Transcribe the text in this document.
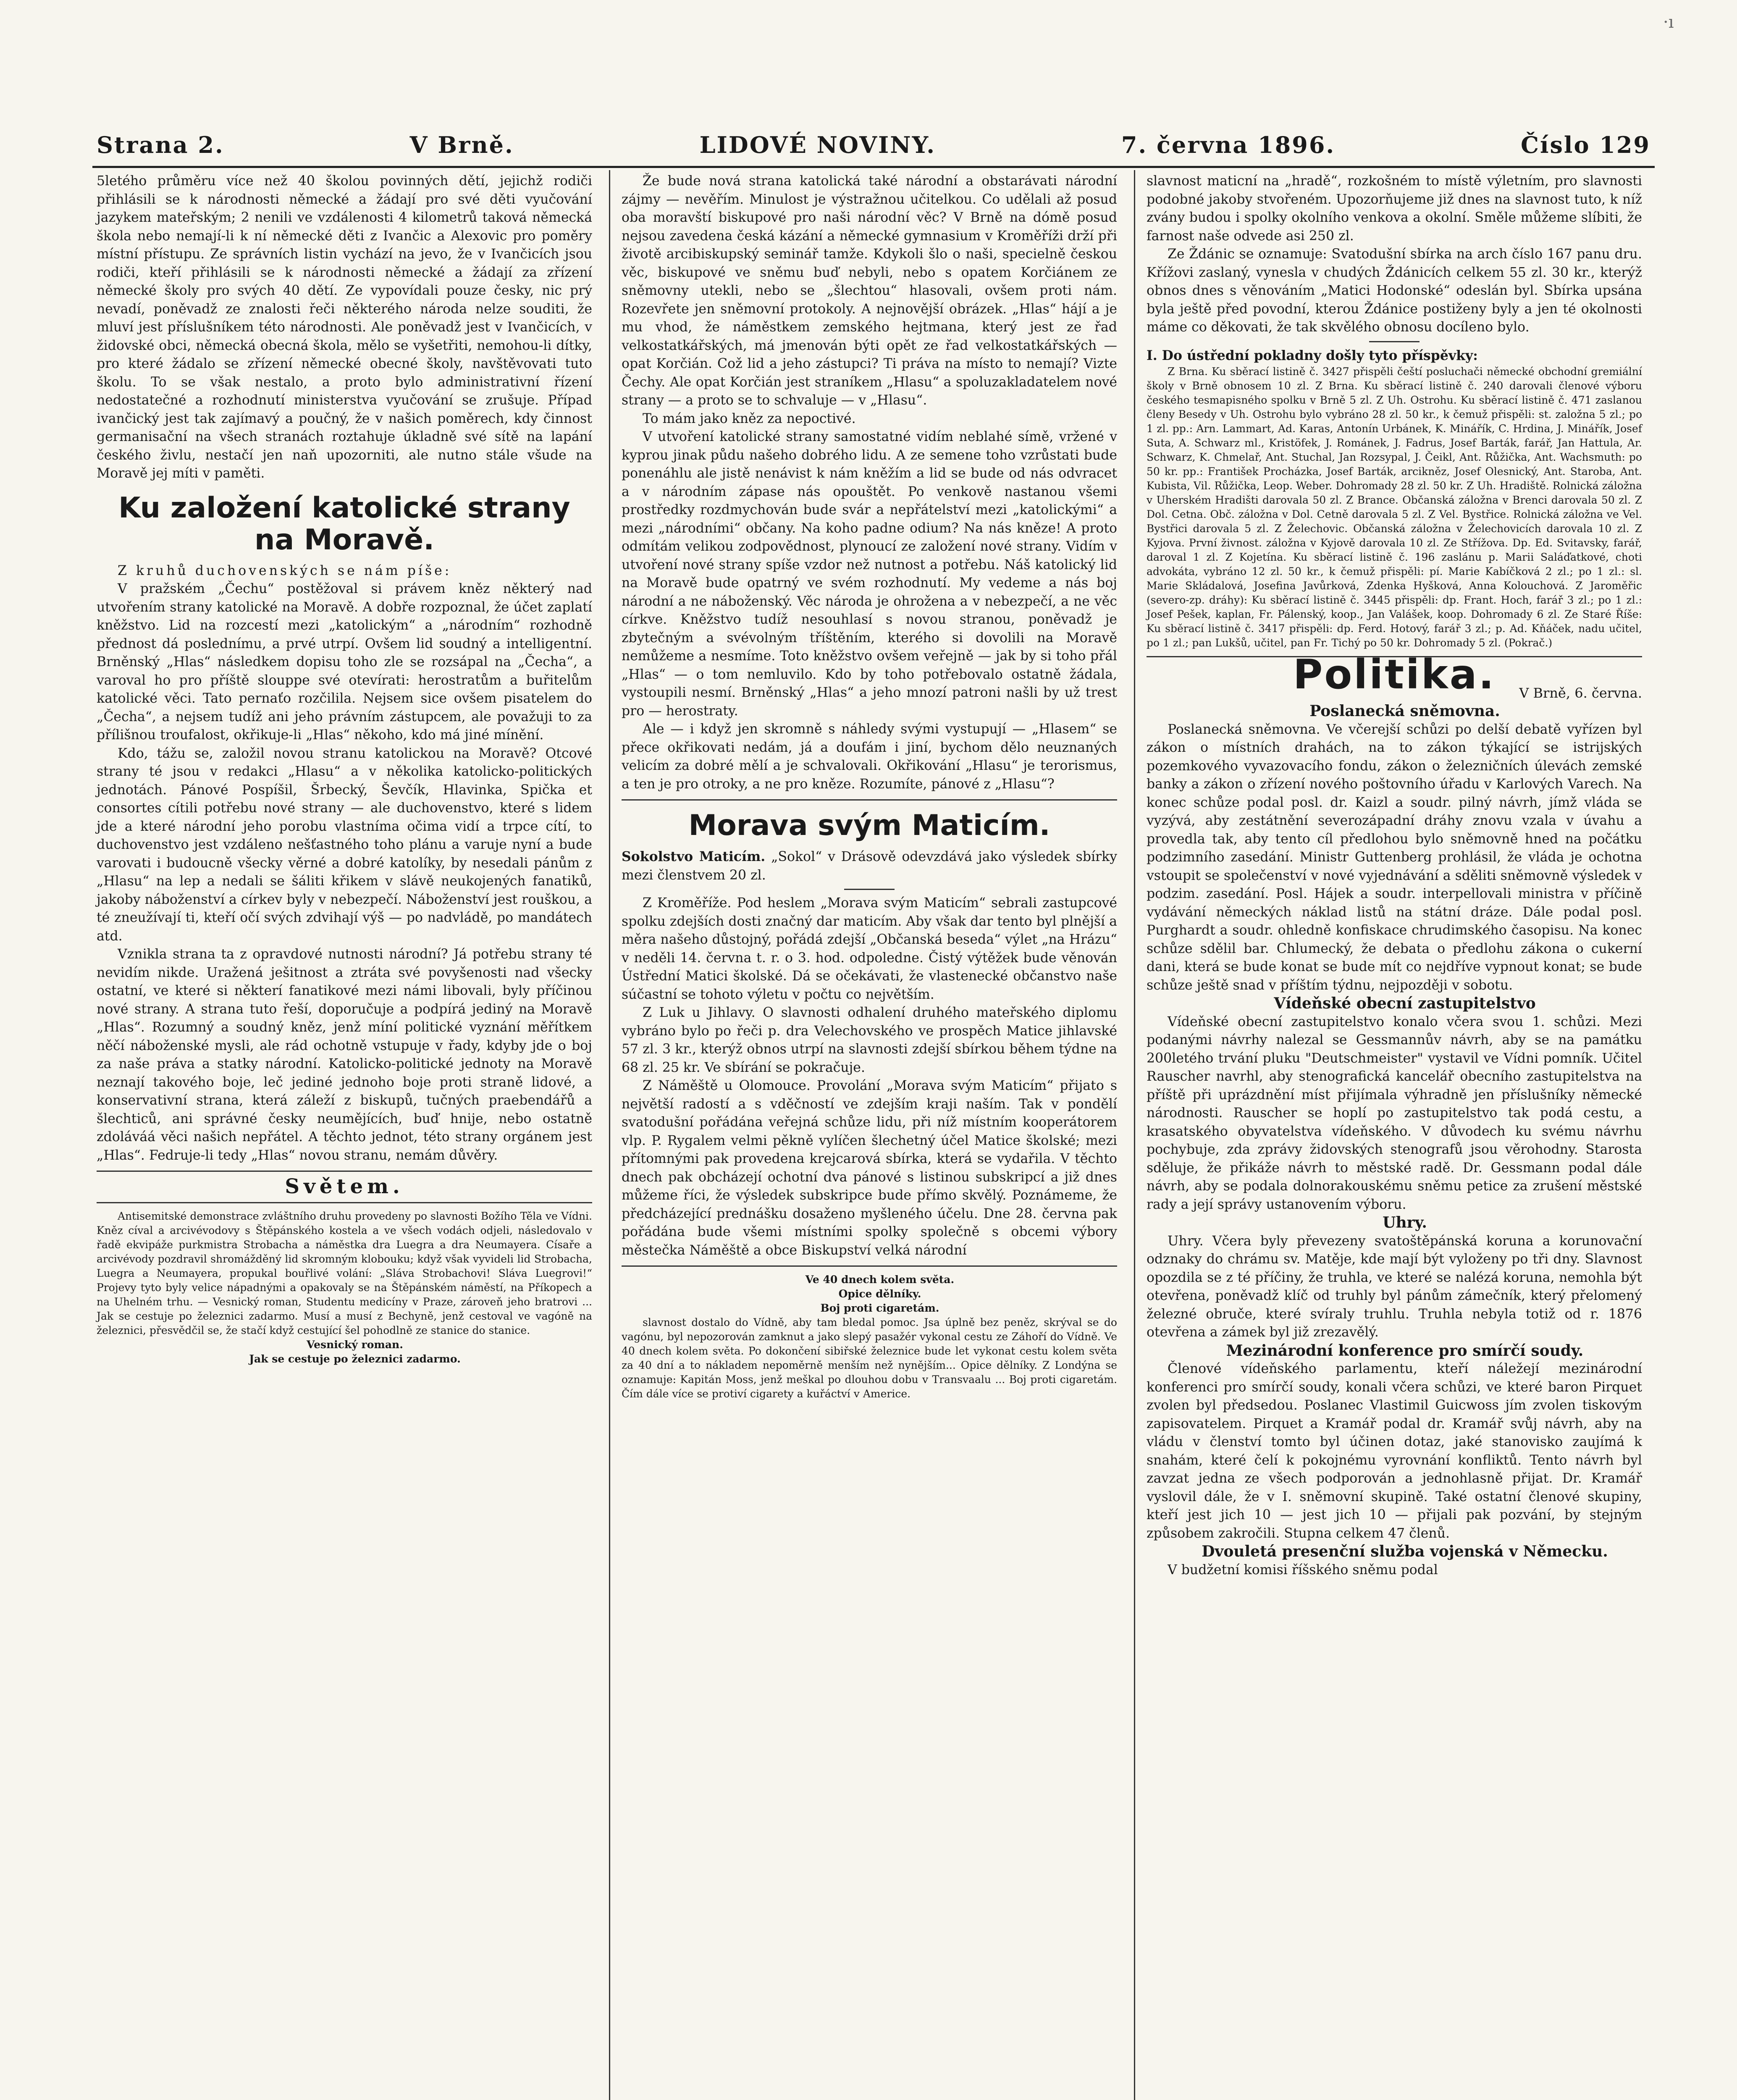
·ı
Strana 2.	V Brně.	LIDOVÉ NOVINY.	7. června 1896.	Číslo 129

5letého průměru více než 40 školou povinných dětí, jejichž rodiči přihlásili se k národnosti německé a žádají pro své děti vyučování jazykem mateřským; 2 nenili ve vzdálenosti 4 kilometrů taková německá škola nebo nemají-li k ní německé děti z Ivančic a Alexovic pro poměry místní přístupu. Ze správních listin vychází na jevo, že v Ivančicích jsou rodiči, kteří přihlásili se k národnosti německé a žádají za zřízení německé školy pro svých 40 dětí. Ze vypovídali pouze česky, nic prý nevadí, poněvadž ze znalosti řeči některého národa nelze souditi, že mluví jest příslušníkem této národnosti. Ale poněvadž jest v Ivančicích, v židovské obci, německá obecná škola, mělo se vyšetřiti, nemohou-li dítky, pro které žádalo se zřízení německé obecné školy, navštěvovati tuto školu. To se však nestalo, a proto bylo administrativní řízení nedostatečné a rozhodnutí ministerstva vyučování se zrušuje. Případ ivančický jest tak zajímavý a poučný, že v našich poměrech, kdy činnost germanisační na všech stranách roztahuje úkladně své sítě na lapání českého živlu, nestačí jen naň upozorniti, ale nutno stále všude na Moravě jej míti v paměti.

Ku založení katolické strany na Moravě.

Z kruhů duchovenských se nám píše:

V pražském „Čechu“ postěžoval si právem kněz některý nad utvořením strany katolické na Moravě. A dobře rozpoznal, že účet zaplatí kněžstvo. Lid na rozcestí mezi „katolickým“ a „národním“ rozhodně přednost dá poslednímu, a prvé utrpí. Ovšem lid soudný a intelligentní. Brněnský „Hlas“ následkem dopisu toho zle se rozsápal na „Čecha“, a varoval ho pro příště slouppe své otevírati: herostratům a buřitelům katolické věci. Tato pernaťo rozčilila. Nejsem sice ovšem pisatelem do „Čecha“, a nejsem tudíž ani jeho právním zástupcem, ale považuji to za přílišnou troufalost, okřikuje-li „Hlas“ někoho, kdo má jiné mínění.

Kdo, tážu se, založil novou stranu katolickou na Moravě? Otcové strany té jsou v redakci „Hlasu“ a v několika katolicko-politických jednotách. Pánové Pospíšil, Šrbecký, Ševčík, Hlavinka, Spička et consortes cítili potřebu nové strany — ale duchovenstvo, které s lidem jde a které národní jeho porobu vlastníma očima vidí a trpce cítí, to duchovenstvo jest vzdáleno nešťastného toho plánu a varuje nyní a bude varovati i budoucně všecky věrné a dobré katolíky, by nesedali pánům z „Hlasu“ na lep a nedali se šáliti křikem v slávě neukojených fanatiků, jakoby náboženství a církev byly v nebezpečí. Náboženství jest rouškou, a té zneužívají ti, kteří očí svých zdvihají výš — po nadvládě, po mandátech atd.

Vznikla strana ta z opravdové nutnosti národní? Já potřebu strany té nevidím nikde. Uražená ješitnost a ztráta své povyšenosti nad všecky ostatní, ve které si některí fanatikové mezi námi libovali, byly příčinou nové strany. A strana tuto řeší, doporučuje a podpírá jediný na Moravě „Hlas“. Rozumný a soudný kněz, jenž míní politické vyznání měřítkem něčí náboženské mysli, ale rád ochotně vstupuje v řady, kdyby jde o boj za naše práva a statky národní. Katolicko-politické jednoty na Moravě neznají takového boje, leč jediné jednoho boje proti straně lidové, a konservativní strana, která záleží z biskupů, tučných praebendářů a šlechticů, ani správné česky neumějících, buď hnije, nebo ostatně zdoláváá věci našich nepřátel. A těchto jednot, této strany orgánem jest „Hlas“. Fedruje-li tedy „Hlas“ novou stranu, nemám důvěry.

Světem.

Antisemitské demonstrace zvláštního druhu provedeny po slavnosti Božího Těla ve Vídni. Kněz cíval a arcivévodovy s Štěpánského kostela a ve všech vodách odjeli, následovalo v řadě ekvipáže purkmistra Strobacha a náměstka dra Luegra a dra Neumayera. Císaře a arcivévody pozdravil shromážděný lid skromným klobouku; když však vyvideli lid Strobacha, Luegra a Neumayera, propukal bouřlivé volání: „Sláva Strobachovi! Sláva Luegrovi!“ Projevy tyto byly velice nápadnými a opakovaly se na Štěpánském náměstí, na Příkopech a na Uhelném trhu. — Vesnický roman, Studentu medicíny v Praze, zároveň jeho bratrovi ... Jak se cestuje po železnici zadarmo. Musí a musí z Bechyně, jenž cestoval ve vagóně na železnici, přesvědčil se, že stačí když cestující šel pohodlně ze stanice do stanice.

Vesnický roman.

Jak se cestuje po železnici zadarmo.

Že bude nová strana katolická také národní a obstarávati národní zájmy — nevěřím. Minulost je výstražnou učitelkou. Co udělali až posud oba moravští biskupové pro naši národní věc? V Brně na dómě posud nejsou zavedena česká kázání a německé gymnasium v Kroměříži drží při životě arcibiskupský seminář tamže. Kdykoli šlo o naši, specielně českou věc, biskupové ve sněmu buď nebyli, nebo s opatem Korčiánem ze sněmovny utekli, nebo se „šlechtou“ hlasovali, ovšem proti nám. Rozevřete jen sněmovní protokoly. A nejnovější obrázek. „Hlas“ hájí a je mu vhod, že náměstkem zemského hejtmana, který jest ze řad velkostatkářských, má jmenován býti opět ze řad velkostatkářských — opat Korčián. Což lid a jeho zástupci? Ti práva na místo to nemají? Vizte Čechy. Ale opat Korčián jest straníkem „Hlasu“ a spoluzakladatelem nové strany — a proto se to schvaluje — v „Hlasu“.

To mám jako kněz za nepoctivé.

V utvoření katolické strany samostatné vidím neblahé símě, vržené v kyprou jinak půdu našeho dobrého lidu. A ze semene toho vzrůstati bude ponenáhlu ale jistě nenávist k nám kněžím a lid se bude od nás odvracet a v národním zápase nás opouštět. Po venkově nastanou všemi prostředky rozdmychován bude svár a nepřátelství mezi „katolickými“ a mezi „národními“ občany. Na koho padne odium? Na nás kněze! A proto odmítám velikou zodpovědnost, plynoucí ze založení nové strany. Vidím v utvoření nové strany spíše vzdor než nutnost a potřebu. Náš katolický lid na Moravě bude opatrný ve svém rozhodnutí. My vedeme a nás boj národní a ne náboženský. Věc národa je ohrožena a v nebezpečí, a ne věc církve. Kněžstvo tudíž nesouhlasí s novou stranou, poněvadž je zbytečným a svévolným tříštěním, kterého si dovolili na Moravě nemůžeme a nesmíme. Toto kněžstvo ovšem veřejně — jak by si toho přál „Hlas“ — o tom nemluvilo. Kdo by toho potřebovalo ostatně žádala, vystoupili nesmí. Brněnský „Hlas“ a jeho mnozí patroni našli by už trest pro — herostraty.

Ale — i když jen skromně s náhledy svými vystupují — „Hlasem“ se přece okřikovati nedám, já a doufám i jiní, bychom dělo neuznaných velicím za dobré mělí a je schvalovali. Okřikování „Hlasu“ je terorismus, a ten je pro otroky, a ne pro kněze. Rozumíte, pánové z „Hlasu“?

Morava svým Maticím.

Sokolstvo Maticím. „Sokol“ v Drásově odevzdává jako výsledek sbírky mezi členstvem 20 zl.

Z Kroměříže. Pod heslem „Morava svým Maticím“ sebrali zastupcové spolku zdejších dosti značný dar maticím. Aby však dar tento byl plnější a měra našeho důstojný, pořádá zdejší „Občanská beseda“ výlet „na Hrázu“ v neděli 14. června t. r. o 3. hod. odpoledne. Čistý výtěžek bude věnován Ústřední Matici školské. Dá se očekávati, že vlastenecké občanstvo naše súčastní se tohoto výletu v počtu co největším.

Z Luk u Jihlavy. O slavnosti odhalení druhého mateřského diplomu vybráno bylo po řeči p. dra Velechovského ve prospěch Matice jihlavské 57 zl. 3 kr., kterýž obnos utrpí na slavnosti zdejší sbírkou během týdne na 68 zl. 25 kr. Ve sbírání se pokračuje.

Z Náměště u Olomouce. Provolání „Morava svým Maticím“ přijato s největší radostí a s vděčností ve zdejším kraji naším. Tak v pondělí svatodušní pořádána veřejná schůze lidu, při níž místním kooperátorem vlp. P. Rygalem velmi pěkně vylíčen šlechetný účel Matice školské; mezi přítomnými pak provedena krejcarová sbírka, která se vydařila. V těchto dnech pak obcházejí ochotní dva pánové s listinou subskripcí a již dnes můžeme říci, že výsledek subskripce bude přímo skvělý. Poznámeme, že předcházející prednášku dosaženo myšleného účelu. Dne 28. června pak pořádána bude všemi místními spolky společně s obcemi výbory městečka Náměště a obce Biskupství velká národní

Ve 40 dnech kolem světa.

Opice dělníky.

Boj proti cigaretám.

slavnost dostalo do Vídně, aby tam bledal pomoc. Jsa úplně bez peněz, skrýval se do vagónu, byl nepozorován zamknut a jako slepý pasažér vykonal cestu ze Záhoří do Vídně. Ve 40 dnech kolem světa. Po dokončení sibiřské železnice bude let vykonat cestu kolem světa za 40 dní a to nákladem nepoměrně menším než nynějším... Opice dělníky. Z Londýna se oznamuje: Kapitán Moss, jenž meškal po dlouhou dobu v Transvaalu ... Boj proti cigaretám. Čím dále více se protiví cigarety a kuřáctví v Americe.

slavnost maticní na „hradě“, rozkošném to místě výletním, pro slavnosti podobné jakoby stvořeném. Upozorňujeme již dnes na slavnost tuto, k níž zvány budou i spolky okolního venkova a okolní. Směle můžeme slíbiti, že farnost naše odvede asi 250 zl.

Ze Ždánic se oznamuje: Svatodušní sbírka na arch číslo 167 panu dru. Křížovi zaslaný, vynesla v chudých Ždánicích celkem 55 zl. 30 kr., kterýž obnos dnes s věnováním „Matici Hodonské“ odeslán byl. Sbírka upsána byla ještě před povodní, kterou Ždánice postiženy byly a jen té okolnosti máme co děkovati, že tak skvělého obnosu docíleno bylo.

I. Do ústřední pokladny došly tyto příspěvky:

Z Brna. Ku sběrací listině č. 3427 přispěli čeští posluchači německé obchodní gremiální školy v Brně obnosem 10 zl. Z Brna. Ku sběrací listině č. 240 darovali členové výboru českého tesmapisného spolku v Brně 5 zl. Z Uh. Ostrohu. Ku sběrací listině č. 471 zaslanou členy Besedy v Uh. Ostrohu bylo vybráno 28 zl. 50 kr., k čemuž přispěli: st. založna 5 zl.; po 1 zl. pp.: Arn. Lammart, Ad. Karas, Antonín Urbánek, K. Minářík, C. Hrdina, J. Minářík, Josef Suta, A. Schwarz ml., Kristöfek, J. Románek, J. Fadrus, Josef Barták, farář, Jan Hattula, Ar. Schwarz, K. Chmelař, Ant. Stuchal, Jan Rozsypal, J. Čeikl, Ant. Růžička, Ant. Wachsmuth: po 50 kr. pp.: František Procházka, Josef Barták, arcikněz, Josef Olesnický, Ant. Staroba, Ant. Kubista, Vil. Růžička, Leop. Weber. Dohromady 28 zl. 50 kr. Z Uh. Hradiště. Rolnická záložna v Uherském Hradišti darovala 50 zl. Z Brance. Občanská záložna v Brenci darovala 50 zl. Z Dol. Cetna. Obč. záložna v Dol. Cetně darovala 5 zl. Z Vel. Bystřice. Rolnická záložna ve Vel. Bystřici darovala 5 zl. Z Želechovic. Občanská záložna v Želechovicích darovala 10 zl. Z Kyjova. První živnost. záložna v Kyjově darovala 10 zl. Ze Střížova. Dp. Ed. Svitavsky, farář, daroval 1 zl. Z Kojetína. Ku sběrací listině č. 196 zaslánu p. Marii Saláďatkové, choti advokáta, vybráno 12 zl. 50 kr., k čemuž přispěli: pí. Marie Kabíčková 2 zl.; po 1 zl.: sl. Marie Skládalová, Josefina Javůrková, Zdenka Hyšková, Anna Kolouchová. Z Jaroměřic (severo-zp. dráhy): Ku sběrací listině č. 3445 přispěli: dp. Frant. Hoch, farář 3 zl.; po 1 zl.: Josef Pešek, kaplan, Fr. Pálenský, koop., Jan Valášek, koop. Dohromady 6 zl. Ze Staré Říše: Ku sběrací listině č. 3417 přispěli: dp. Ferd. Hotový, farář 3 zl.; p. Ad. Kňáček, nadu učitel, po 1 zl.; pan Lukšů, učitel, pan Fr. Tichý po 50 kr. Dohromady 5 zl. (Pokrač.)

Politika.	V Brně, 6. června.

Poslanecká sněmovna.

Poslanecká sněmovna. Ve včerejší schůzi po delší debatě vyřízen byl zákon o místních drahách, na to zákon týkající se istrijských pozemkového vyvazovacího fondu, zákon o železničních úlevách zemské banky a zákon o zřízení nového poštovního úřadu v Karlových Varech. Na konec schůze podal posl. dr. Kaizl a soudr. pilný návrh, jímž vláda se vyzývá, aby zestátnění severozápadní dráhy znovu vzala v úvahu a provedla tak, aby tento cíl předlohou bylo sněmovně hned na počátku podzimního zasedání. Ministr Guttenberg prohlásil, že vláda je ochotna vstoupit se společenství v nové vyjednávání a sděliti sněmovně výsledek v podzim. zasedání. Posl. Hájek a soudr. interpellovali ministra v příčině vydávání německých náklad listů na státní dráze. Dále podal posl. Purghardt a soudr. ohledně konfiskace chrudimského časopisu. Na konec schůze sdělil bar. Chlumecký, že debata o předlohu zákona o cukerní dani, která se bude konat se bude mít co nejdříve vypnout konat; se bude schůze ještě snad v příštím týdnu, nejpozději v sobotu.

Vídeňské obecní zastupitelstvo

Vídeňské obecní zastupitelstvo konalo včera svou 1. schůzi. Mezi podanými návrhy nalezal se Gessmannův návrh, aby se na památku 200letého trvání pluku "Deutschmeister" vystavil ve Vídni pomník. Učitel Rauscher navrhl, aby stenografická kancelář obecního zastupitelstva na příště při uprázdnění míst přijímala výhradně jen příslušníky německé národnosti. Rauscher se hoplí po zastupitelstvo tak podá cestu, a krasatského obyvatelstva vídeňského. V důvodech ku svému návrhu pochybuje, zda zprávy židovských stenografů jsou věrohodny. Starosta sděluje, že přikáže návrh to městské radě. Dr. Gessmann podal dále návrh, aby se podala dolnorakouskému sněmu petice za zrušení městské rady a její správy ustanovením výboru.

Uhry.

Uhry. Včera byly převezeny svatoštěpánská koruna a korunovační odznaky do chrámu sv. Matěje, kde mají být vyloženy po tři dny. Slavnost opozdila se z té příčiny, že truhla, ve které se nalézá koruna, nemohla být otevřena, poněvadž klíč od truhly byl pánům zámečník, který přelomený železné obruče, které svíraly truhlu. Truhla nebyla totiž od r. 1876 otevřena a zámek byl již zrezavělý.

Mezinárodní konference pro smírčí soudy.

Členové vídeňského parlamentu, kteří náležejí mezinárodní konferenci pro smírčí soudy, konali včera schůzi, ve které baron Pirquet zvolen byl předsedou. Poslanec Vlastimil Guicwoss jím zvolen tiskovým zapisovatelem. Pirquet a Kramář podal dr. Kramář svůj návrh, aby na vládu v členství tomto byl účinen dotaz, jaké stanovisko zaujímá k snahám, které čelí k pokojnému vyrovnání konfliktů. Tento návrh byl zavzat jedna ze všech podporován a jednohlasně přijat. Dr. Kramář vyslovil dále, že v I. sněmovní skupině. Také ostatní členové skupiny, kteří jest jich 10 — jest jich 10 — přijali pak pozvání, by stejným způsobem zakročili. Stupna celkem 47 členů.

Dvouletá presenční služba vojenská v Německu.

V budžetní komisi říšského sněmu podal
